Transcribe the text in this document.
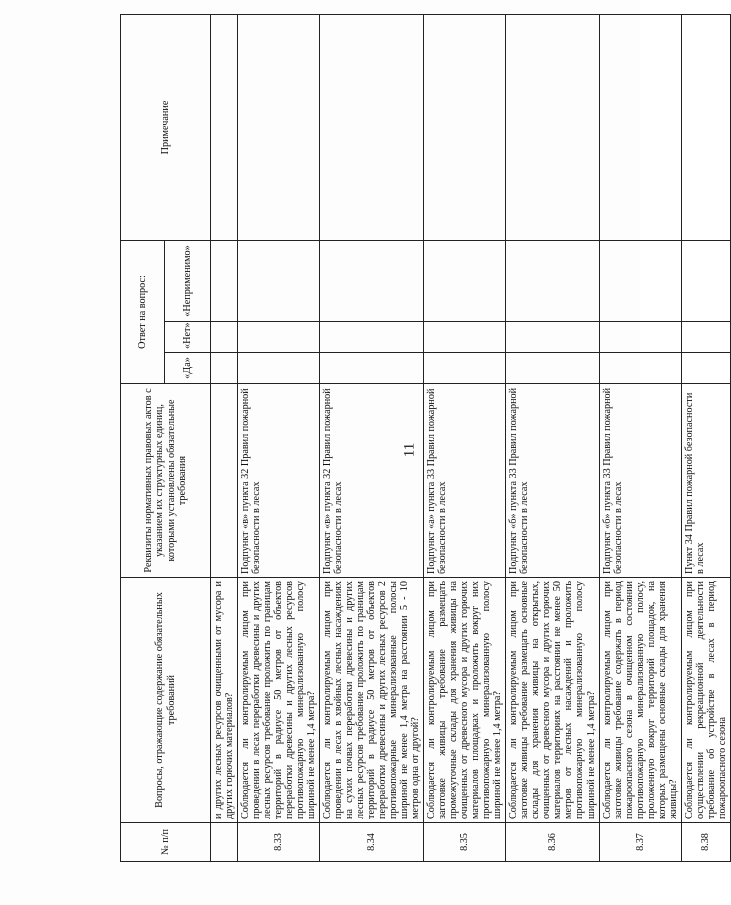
11
№ п/п	Вопросы, отражающие содержание обязательных требований	Реквизиты нормативных правовых актов с указанием их структурных единиц, которыми установлены обязательные требования	Ответ на вопрос:			Примечание
			«Да»	«Нет»	«Неприменимо»	
	и других лесных ресурсов очищенными от мусора и других горючих материалов?					
8.33	Соблюдается ли контролируемым лицом при проведении в лесах переработки древесины и других лесных ресурсов требование проложить по границам территорий в радиусе 50 метров от объектов переработки древесины и других лесных ресурсов противопожарную минерализованную полосу шириной не менее 1,4 метра?	Подпункт «в» пункта 32 Правил пожарной безопасности в лесах				
8.34	Соблюдается ли контролируемым лицом при проведении в лесах в хвойных лесных насаждениях на сухих почвах переработки древесины и других лесных ресурсов требование проложить по границам территорий в радиусе 50 метров от объектов переработки древесины и других лесных ресурсов 2 противопожарные минерализованные полосы шириной не менее 1,4 метра на расстоянии 5 - 10 метров одна от другой?	Подпункт «в» пункта 32 Правил пожарной безопасности в лесах				
8.35	Соблюдается ли контролируемым лицом при заготовке живицы требование размещать промежуточные склады для хранения живицы на очищенных от древесного мусора и других горючих материалов площадках и проложить вокруг них противопожарную минерализованную полосу шириной не менее 1,4 метра?	Подпункт «а» пункта 33 Правил пожарной безопасности в лесах				
8.36	Соблюдается ли контролируемым лицом при заготовке живицы требование размещать основные склады для хранения живицы на открытых, очищенных от древесного мусора и других горючих материалов территориях на расстоянии не менее 50 метров от лесных насаждений и проложить противопожарную минерализованную полосу шириной не менее 1,4 метра?	Подпункт «б» пункта 33 Правил пожарной безопасности в лесах				
8.37	Соблюдается ли контролируемым лицом при заготовке живицы требование содержать в период пожароопасного сезона в очищенном состоянии противопожарную минерализованную полосу, проложенную вокруг территорий площадок, на которых размещены основные склады для хранения живицы?	Подпункт «б» пункта 33 Правил пожарной безопасности в лесах				
8.38	Соблюдается ли контролируемым лицом при осуществлении рекреационной деятельности требование об устройстве в лесах в период пожароопасного сезона	Пункт 34 Правил пожарной безопасности в лесах				
